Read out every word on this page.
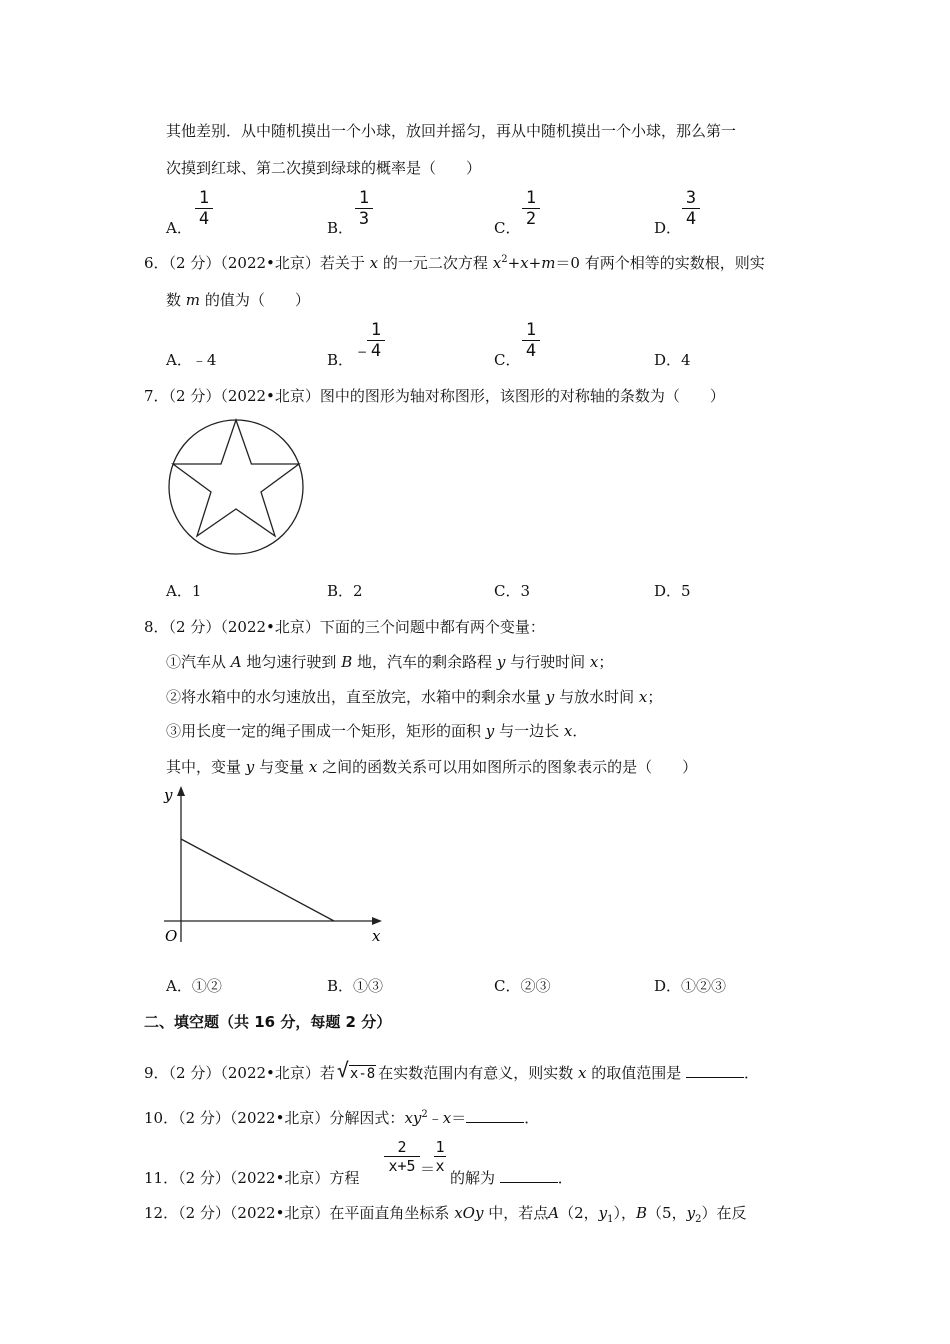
其他差别．从中随机摸出一个小球，放回并摇匀，再从中随机摸出一个小球，那么第一
次摸到红球、第二次摸到绿球的概率是（　　）
A．
1
4	B．
1
3	C．
1
2	D．
3
4
6．（2 分）（2022•北京）若关于 x 的一元二次方程 $x^2+x+m=0$ 有两个相等的实数根，则实
数 m 的值为（　　）
A．﹣4	B． −
1
4	C．
1
4	D．4
7．（2 分）（2022•北京）图中的图形为轴对称图形，该图形的对称轴的条数为（　　）
A．1	B．2	C．3	D．5
8．（2 分）（2022•北京）下面的三个问题中都有两个变量：
①汽车从 A 地匀速行驶到 B 地，汽车的剩余路程 y 与行驶时间 x；
②将水箱中的水匀速放出，直至放完，水箱中的剩余水量 y 与放水时间 x；
③用长度一定的绳子围成一个矩形，矩形的面积 y 与一边长 x．
其中，变量 y 与变量 x 之间的函数关系可以用如图所示的图象表示的是（　　）
y
x
O
A．①②	B．①③	C．②③	D．①②③
二、填空题（共 16 分，每题 2 分）
9．（2 分）（2022•北京）若 √ x-8 在实数范围内有意义，则实数 x 的取值范围是	．
10．（2 分）（2022•北京）分解因式：$xy^2﹣x=$	．
11．（2 分）（2022•北京）方程
2
x+5 ＝
1
x
的解为	．
12．（2 分）（2022•北京）在平面直角坐标系 xOy 中，若点A（2，$y_1$），B（5，$y_2$）在反
